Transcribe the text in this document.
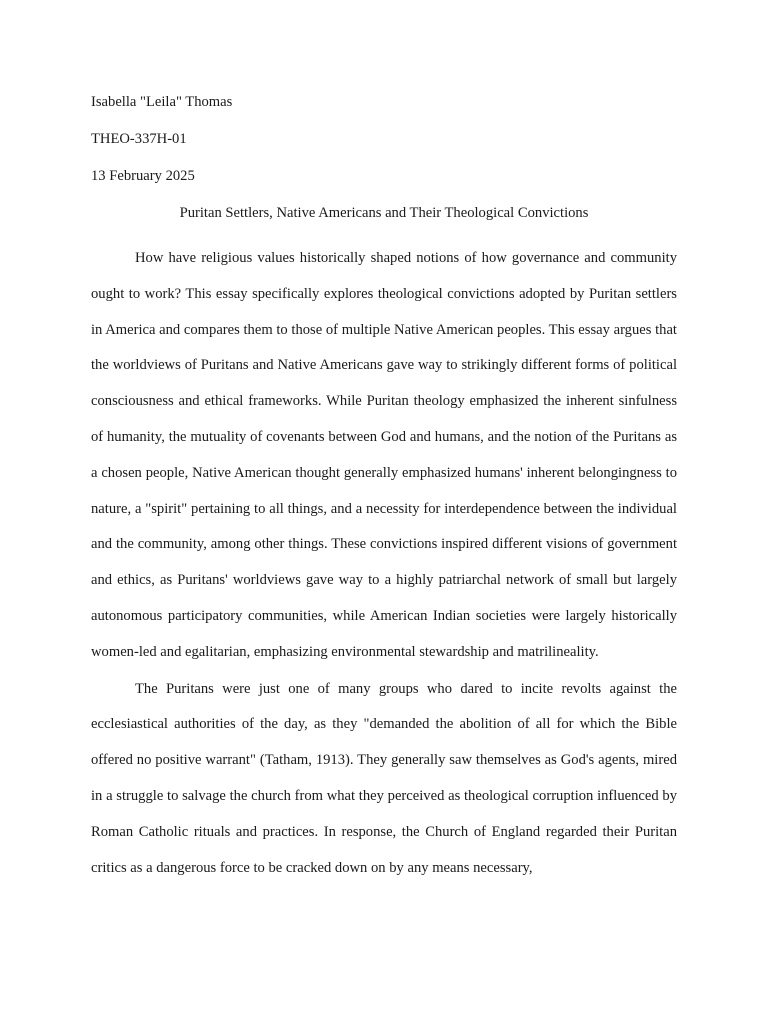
Isabella "Leila" Thomas
THEO-337H-01
13 February 2025
Puritan Settlers, Native Americans and Their Theological Convictions

How have religious values historically shaped notions of how governance and community ought to work? This essay specifically explores theological convictions adopted by Puritan settlers in America and compares them to those of multiple Native American peoples. This essay argues that the worldviews of Puritans and Native Americans gave way to strikingly different forms of political consciousness and ethical frameworks. While Puritan theology emphasized the inherent sinfulness of humanity, the mutuality of covenants between God and humans, and the notion of the Puritans as a chosen people, Native American thought generally emphasized humans' inherent belongingness to nature, a "spirit" pertaining to all things, and a necessity for interdependence between the individual and the community, among other things. These convictions inspired different visions of government and ethics, as Puritans' worldviews gave way to a highly patriarchal network of small but largely autonomous participatory communities, while American Indian societies were largely historically women-led and egalitarian, emphasizing environmental stewardship and matrilineality.

The Puritans were just one of many groups who dared to incite revolts against the ecclesiastical authorities of the day, as they "demanded the abolition of all for which the Bible offered no positive warrant" (Tatham, 1913). They generally saw themselves as God's agents, mired in a struggle to salvage the church from what they perceived as theological corruption influenced by Roman Catholic rituals and practices. In response, the Church of England regarded their Puritan critics as a dangerous force to be cracked down on by any means necessary,
